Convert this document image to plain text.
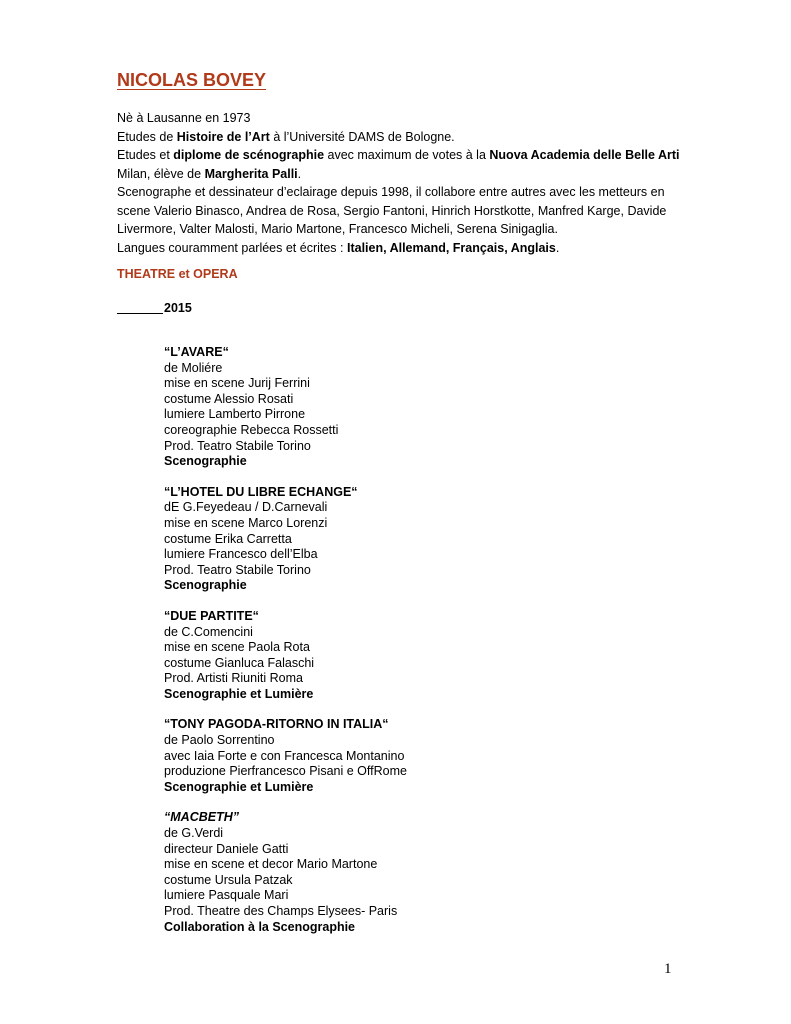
NICOLAS BOVEY

Nè à Lausanne en 1973

Etudes de Histoire de l’Art à l’Université DAMS de Bologne.

Etudes et diplome de scénographie avec maximum de votes à la Nuova Academia delle Belle Arti Milan, élève de Margherita Palli.

Scenographe et dessinateur d’eclairage depuis 1998, il collabore entre autres avec les metteurs en scene Valerio Binasco, Andrea de Rosa, Sergio Fantoni, Hinrich Horstkotte, Manfred Karge, Davide Livermore, Valter Malosti, Mario Martone, Francesco Micheli, Serena Sinigaglia.

Langues couramment parlées et écrites : Italien, Allemand, Français, Anglais.

THEATRE et OPERA
2015
“L’AVARE“
de Moliére
mise en scene Jurij Ferrini
costume Alessio Rosati
lumiere Lamberto Pirrone
coreographie Rebecca Rossetti
Prod. Teatro Stabile Torino
Scenographie
“L’HOTEL DU LIBRE ECHANGE“
dE G.Feyedeau / D.Carnevali
mise en scene Marco Lorenzi
costume Erika Carretta
lumiere Francesco dell’Elba
Prod. Teatro Stabile Torino
Scenographie
“DUE PARTITE“
de C.Comencini
mise en scene Paola Rota
costume Gianluca Falaschi
Prod. Artisti Riuniti Roma
Scenographie et Lumière
“TONY PAGODA-RITORNO IN ITALIA“
de Paolo Sorrentino
avec Iaia Forte e con Francesca Montanino
produzione Pierfrancesco Pisani e OffRome
Scenographie et Lumière
“MACBETH”
de G.Verdi
directeur Daniele Gatti
mise en scene et decor Mario Martone
costume Ursula Patzak
lumiere Pasquale Mari
Prod. Theatre des Champs Elysees- Paris
Collaboration à la Scenographie
1
